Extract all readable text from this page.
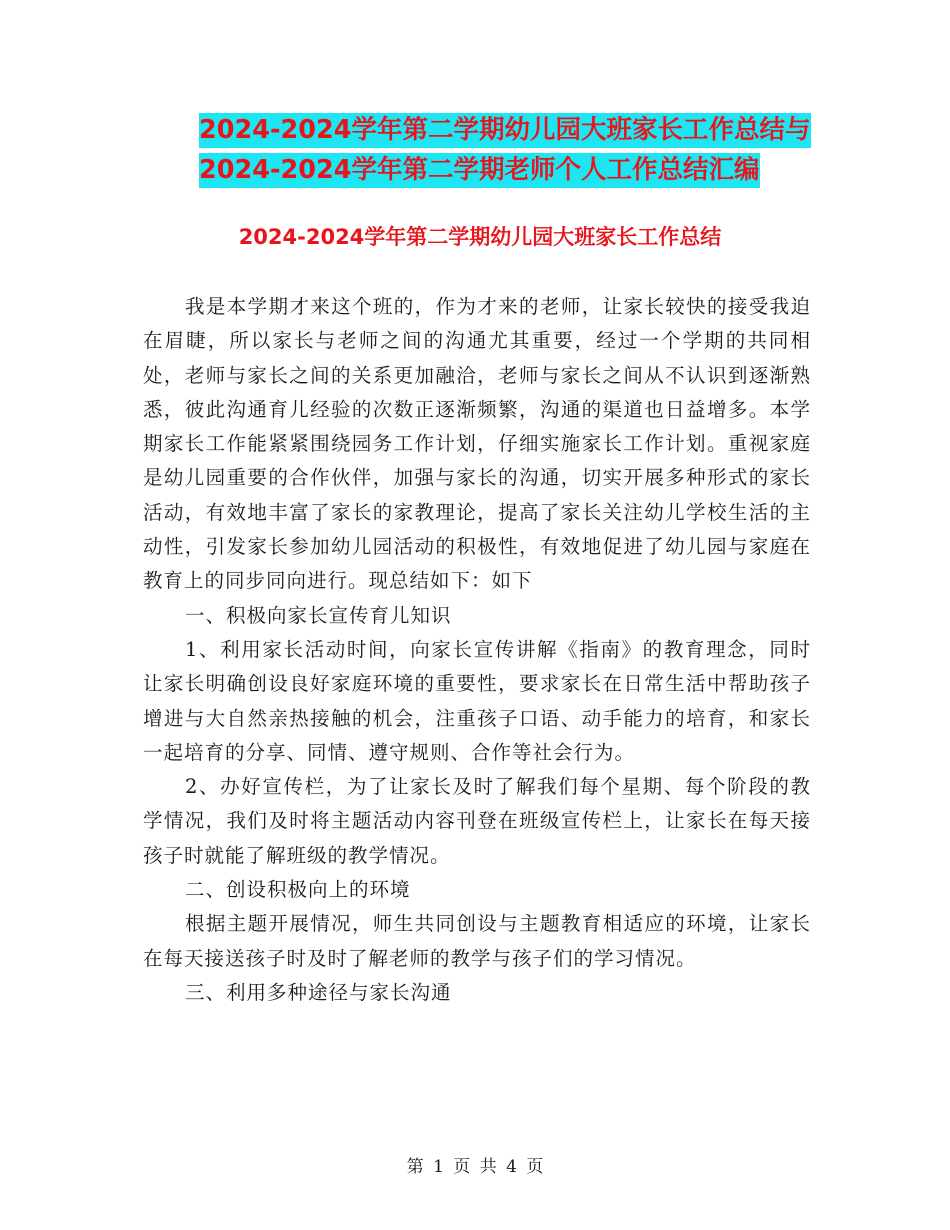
2024-2024学年第二学期幼儿园大班家长工作总结与
2024-2024学年第二学期老师个人工作总结汇编
2024-2024学年第二学期幼儿园大班家长工作总结

我是本学期才来这个班的，作为才来的老师，让家长较快的接受我迫在眉睫，所以家长与老师之间的沟通尤其重要，经过一个学期的共同相处，老师与家长之间的关系更加融洽，老师与家长之间从不认识到逐渐熟悉，彼此沟通育儿经验的次数正逐渐频繁，沟通的渠道也日益增多。本学期家长工作能紧紧围绕园务工作计划，仔细实施家长工作计划。重视家庭是幼儿园重要的合作伙伴，加强与家长的沟通，切实开展多种形式的家长活动，有效地丰富了家长的家教理论，提高了家长关注幼儿学校生活的主动性，引发家长参加幼儿园活动的积极性，有效地促进了幼儿园与家庭在教育上的同步同向进行。现总结如下：如下

一、积极向家长宣传育儿知识

1、利用家长活动时间，向家长宣传讲解《指南》的教育理念，同时让家长明确创设良好家庭环境的重要性，要求家长在日常生活中帮助孩子增进与大自然亲热接触的机会，注重孩子口语、动手能力的培育，和家长一起培育的分享、同情、遵守规则、合作等社会行为。

2、办好宣传栏，为了让家长及时了解我们每个星期、每个阶段的教学情况，我们及时将主题活动内容刊登在班级宣传栏上，让家长在每天接孩子时就能了解班级的教学情况。

二、创设积极向上的环境

根据主题开展情况，师生共同创设与主题教育相适应的环境，让家长在每天接送孩子时及时了解老师的教学与孩子们的学习情况。

三、利用多种途径与家长沟通

第 1 页 共 4 页
